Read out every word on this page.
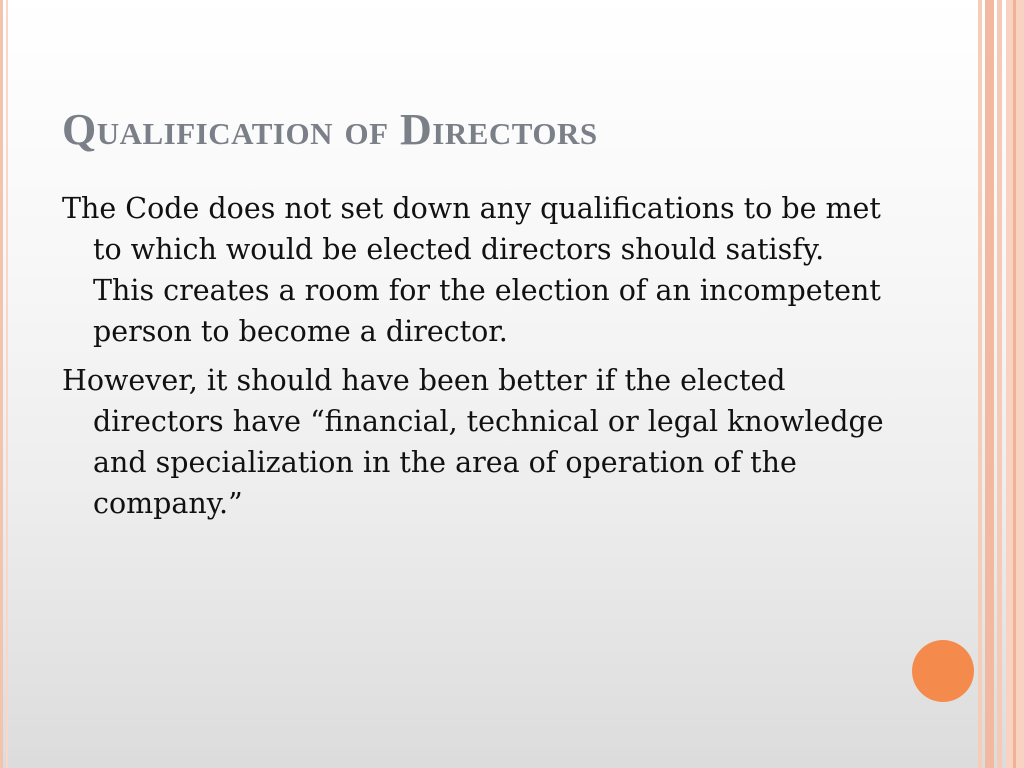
Qualification of Directors
The Code does not set down any qualifications to be met to which would be elected directors should satisfy. This creates a room for the election of an incompetent person to become a director.
However, it should have been better if the elected directors have “financial, technical or legal knowledge and specialization in the area of operation of the company.”
